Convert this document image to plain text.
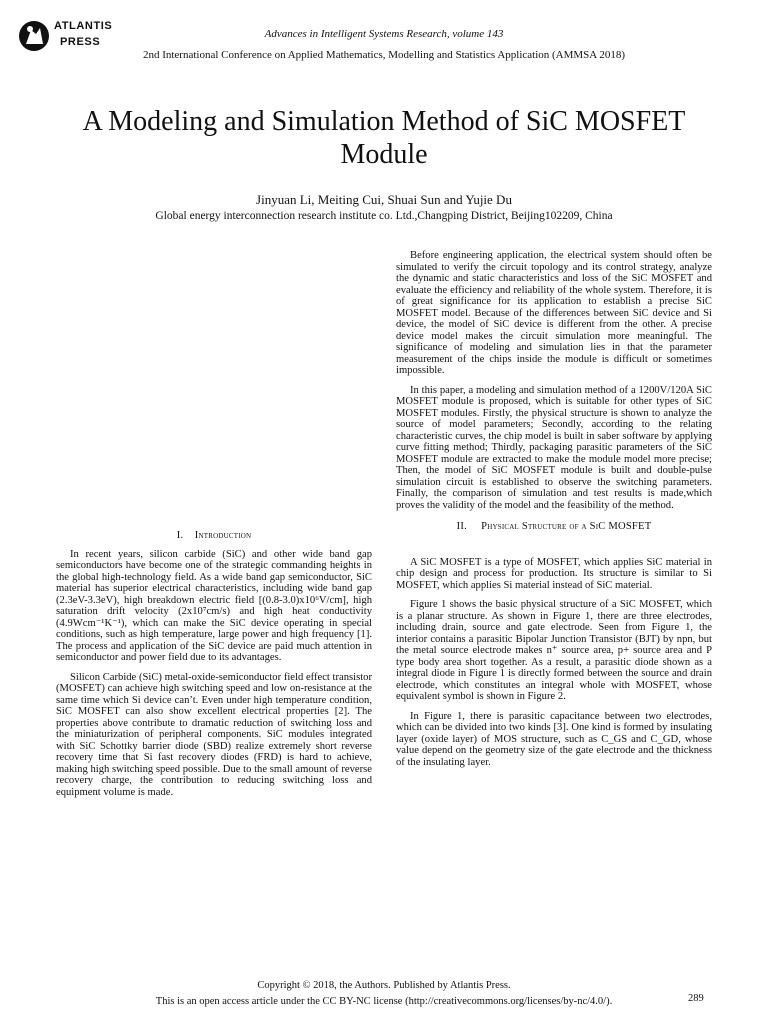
ATLANTIS
PRESS
Advances in Intelligent Systems Research, volume 143
2nd International Conference on Applied Mathematics, Modelling and Statistics Application (AMMSA 2018)
A Modeling and Simulation Method of SiC MOSFET Module
Jinyuan Li, Meiting Cui, Shuai Sun and Yujie Du
Global energy interconnection research institute co. Ltd.,Changping District, Beijing102209, China
I. Introduction

In recent years, silicon carbide (SiC) and other wide band gap semiconductors have become one of the strategic commanding heights in the global high-technology field. As a wide band gap semiconductor, SiC material has superior electrical characteristics, including wide band gap (2.3eV-3.3eV), high breakdown electric field [(0.8-3.0)x10⁶V/cm], high saturation drift velocity (2x10⁷cm/s) and high heat conductivity (4.9Wcm⁻¹K⁻¹), which can make the SiC device operating in special conditions, such as high temperature, large power and high frequency [1]. The process and application of the SiC device are paid much attention in semiconductor and power field due to its advantages.

Silicon Carbide (SiC) metal-oxide-semiconductor field effect transistor (MOSFET) can achieve high switching speed and low on-resistance at the same time which Si device can’t. Even under high temperature condition, SiC MOSFET can also show excellent electrical properties [2]. The properties above contribute to dramatic reduction of switching loss and the miniaturization of peripheral components. SiC modules integrated with SiC Schottky barrier diode (SBD) realize extremely short reverse recovery time that Si fast recovery diodes (FRD) is hard to achieve, making high switching speed possible. Due to the small amount of reverse recovery charge, the contribution to reducing switching loss and equipment volume is made.

Before engineering application, the electrical system should often be simulated to verify the circuit topology and its control strategy, analyze the dynamic and static characteristics and loss of the SiC MOSFET and evaluate the efficiency and reliability of the whole system. Therefore, it is of great significance for its application to establish a precise SiC MOSFET model. Because of the differences between SiC device and Si device, the model of SiC device is different from the other. A precise device model makes the circuit simulation more meaningful. The significance of modeling and simulation lies in that the parameter measurement of the chips inside the module is difficult or sometimes impossible.

In this paper, a modeling and simulation method of a 1200V/120A SiC MOSFET module is proposed, which is suitable for other types of SiC MOSFET modules. Firstly, the physical structure is shown to analyze the source of model parameters; Secondly, according to the relating characteristic curves, the chip model is built in saber software by applying curve fitting method; Thirdly, packaging parasitic parameters of the SiC MOSFET module are extracted to make the module model more precise; Then, the model of SiC MOSFET module is built and double-pulse simulation circuit is established to observe the switching parameters. Finally, the comparison of simulation and test results is made,which proves the validity of the model and the feasibility of the method.

II. Physical Structure of a SiC MOSFET

A SiC MOSFET is a type of MOSFET, which applies SiC material in chip design and process for production. Its structure is similar to Si MOSFET, which applies Si material instead of SiC material.

Figure 1 shows the basic physical structure of a SiC MOSFET, which is a planar structure. As shown in Figure 1, there are three electrodes, including drain, source and gate electrode. Seen from Figure 1, the interior contains a parasitic Bipolar Junction Transistor (BJT) by npn, but the metal source electrode makes n⁺ source area, p+ source area and P type body area short together. As a result, a parasitic diode shown as a integral diode in Figure 1 is directly formed between the source and drain electrode, which constitutes an integral whole with MOSFET, whose equivalent symbol is shown in Figure 2.

In Figure 1, there is parasitic capacitance between two electrodes, which can be divided into two kinds [3]. One kind is formed by insulating layer (oxide layer) of MOS structure, such as C_GS and C_GD, whose value depend on the geometry size of the gate electrode and the thickness of the insulating layer.

Copyright © 2018, the Authors. Published by Atlantis Press.
This is an open access article under the CC BY-NC license (http://creativecommons.org/licenses/by-nc/4.0/).	289
